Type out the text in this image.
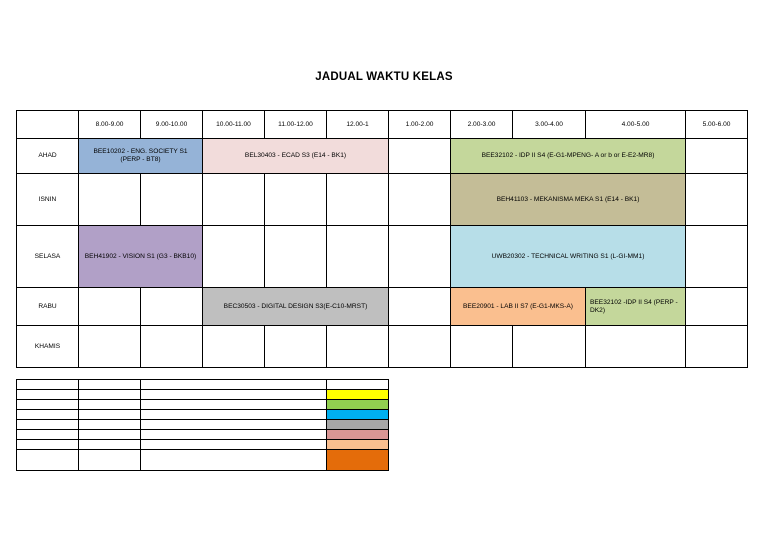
JADUAL WAKTU KELAS
	8.00-9.00	9.00-10.00	10.00-11.00	11.00-12.00	12.00-1	1.00-2.00	2.00-3.00	3.00-4.00	4.00-5.00	5.00-6.00
AHAD	BEE10202 - ENG. SOCIETY S1 (PERP - BT8)		BEL30403 - ECAD S3 (E14 - BK1)				BEE32102 - IDP II S4 (E-G1-MPENG- A or b or E-E2-MR8)			
ISNIN							BEH41103 - MEKANISMA MEKA S1 (E14 - BK1)			
SELASA	BEH41902 - VISION S1 (G3 - BKB10)						UWB20302 - TECHNICAL WRITING S1 (L-GI-MM1)			
RABU			BEC30503 - DIGITAL DESIGN S3(E-C10-MRST)				BEE20901 - LAB II S7 (E-G1-MKS-A)		BEE32102 -IDP II S4 (PERP - DK2)	
KHAMIS										
